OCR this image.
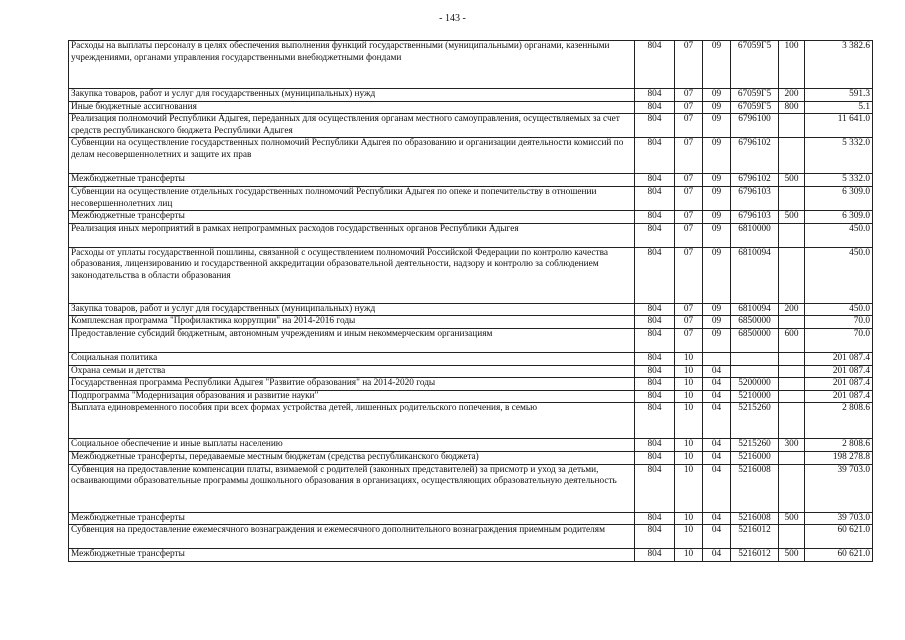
- 143 -
Расходы на выплаты персоналу в целях обеспечения выполнения функций государственными (муниципальными) органами, казенными учреждениями, органами управления государственными внебюджетными фондами	804	07	09	67059Г5	100	3 382.6
Закупка товаров, работ и услуг для государственных (муниципальных) нужд	804	07	09	67059Г5	200	591.3
Иные бюджетные ассигнования	804	07	09	67059Г5	800	5.1
Реализация полномочий Республики Адыгея, переданных для осуществления органам местного самоуправления, осуществляемых за счет средств республиканского бюджета Республики Адыгея	804	07	09	6796100		11 641.0
Субвенции на осуществление государственных полномочий Республики Адыгея по образованию и организации деятельности комиссий по делам несовершеннолетних и защите их прав	804	07	09	6796102		5 332.0
Межбюджетные трансферты	804	07	09	6796102	500	5 332.0
Субвенции на осуществление отдельных государственных полномочий Республики Адыгея по опеке и попечительству в отношении несовершеннолетних лиц	804	07	09	6796103		6 309.0
Межбюджетные трансферты	804	07	09	6796103	500	6 309.0
Реализация иных мероприятий в рамках непрограммных расходов государственных органов Республики Адыгея	804	07	09	6810000		450.0
Расходы от уплаты государственной пошлины, связанной с осуществлением полномочий Российской Федерации по контролю качества образования, лицензированию и государственной аккредитации образовательной деятельности, надзору и контролю за соблюдением законодательства в области образования	804	07	09	6810094		450.0
Закупка товаров, работ и услуг для государственных (муниципальных) нужд	804	07	09	6810094	200	450.0
Комплексная программа "Профилактика коррупции" на 2014-2016 годы	804	07	09	6850000		70.0
Предоставление субсидий бюджетным, автономным учреждениям и иным некоммерческим организациям	804	07	09	6850000	600	70.0
Социальная политика	804	10				201 087.4
Охрана семьи и детства	804	10	04			201 087.4
Государственная программа Республики Адыгея "Развитие образования" на 2014-2020 годы	804	10	04	5200000		201 087.4
Подпрограмма "Модернизация образования и развитие науки"	804	10	04	5210000		201 087.4
Выплата единовременного пособия при всех формах устройства детей, лишенных родительского попечения, в семью	804	10	04	5215260		2 808.6
Социальное обеспечение и иные выплаты населению	804	10	04	5215260	300	2 808.6
Межбюджетные трансферты, передаваемые местным бюджетам (средства республиканского бюджета)	804	10	04	5216000		198 278.8
Субвенция на предоставление компенсации платы, взимаемой с родителей (законных представителей) за присмотр и уход за детьми, осваивающими образовательные программы дошкольного образования в организациях, осуществляющих образовательную деятельность	804	10	04	5216008		39 703.0
Межбюджетные трансферты	804	10	04	5216008	500	39 703.0
Субвенция на предоставление ежемесячного вознаграждения и ежемесячного дополнительного вознаграждения приемным родителям	804	10	04	5216012		60 621.0
Межбюджетные трансферты	804	10	04	5216012	500	60 621.0
